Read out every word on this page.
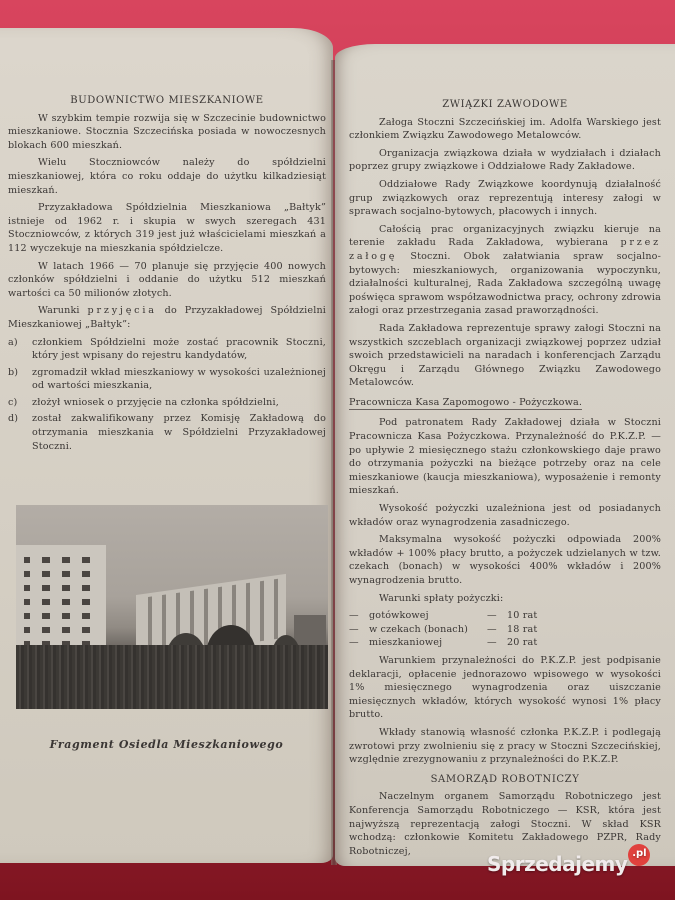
BUDOWNICTWO MIESZKANIOWE

W szybkim tempie rozwija się w Szczecinie budownictwo mieszkaniowe. Stocznia Szczecińska posiada w nowoczesnych blokach 600 mieszkań.

Wielu Stoczniowców należy do spółdzielni mieszkaniowej, która co roku oddaje do użytku kilkadziesiąt mieszkań.

Przyzakładowa Spółdzielnia Mieszkaniowa „Bałtyk” istnieje od 1962 r. i skupia w swych szeregach 431 Stoczniowców, z których 319 jest już właścicielami mieszkań a 112 wyczekuje na mieszkania spółdzielcze.

W latach 1966 — 70 planuje się przyjęcie 400 nowych członków spółdzielni i oddanie do użytku 512 mieszkań wartości ca 50 milionów złotych.

Warunki przyjęcia do Przyzakładowej Spółdzielni Mieszkaniowej „Bałtyk”:

a)	członkiem Spółdzielni może zostać pracownik Stoczni, który jest wpisany do rejestru kandydatów,
b)	zgromadził wkład mieszkaniowy w wysokości uzależnionej od wartości mieszkania,
c)	złożył wniosek o przyjęcie na członka spółdzielni,
d)	został zakwalifikowany przez Komisję Zakładową do otrzymania mieszkania w Spółdzielni Przyzakładowej Stoczni.
Fragment Osiedla Mieszkaniowego
ZWIĄZKI ZAWODOWE

Załoga Stoczni Szczecińskiej im. Adolfa Warskiego jest członkiem Związku Zawodowego Metalowców.

Organizacja związkowa działa w wydziałach i działach poprzez grupy związkowe i Oddziałowe Rady Zakładowe.

Oddziałowe Rady Związkowe koordynują działalność grup związkowych oraz reprezentują interesy załogi w sprawach socjalno-bytowych, płacowych i innych.

Całością prac organizacyjnych związku kieruje na terenie zakładu Rada Zakładowa, wybierana przez załogę Stoczni. Obok załatwiania spraw socjalno-bytowych: mieszkaniowych, organizowania wypoczynku, działalności kulturalnej, Rada Zakładowa szczególną uwagę poświęca sprawom współzawodnictwa pracy, ochrony zdrowia załogi oraz przestrzegania zasad praworządności.

Rada Zakładowa reprezentuje sprawy załogi Stoczni na wszystkich szczeblach organizacji związkowej poprzez udział swoich przedstawicieli na naradach i konferencjach Zarządu Okręgu i Zarządu Głównego Związku Zawodowego Metalowców.

Pracownicza Kasa Zapomogowo - Pożyczkowa.

Pod patronatem Rady Zakładowej działa w Stoczni Pracownicza Kasa Pożyczkowa. Przynależność do P.K.Z.P. — po upływie 2 miesięcznego stażu członkowskiego daje prawo do otrzymania pożyczki na bieżące potrzeby oraz na cele mieszkaniowe (kaucja mieszkaniowa), wyposażenie i remonty mieszkań.

Wysokość pożyczki uzależniona jest od posiadanych wkładów oraz wynagrodzenia zasadniczego.

Maksymalna wysokość pożyczki odpowiada 200% wkładów + 100% płacy brutto, a pożyczek udzielanych w tzw. czekach (bonach) w wysokości 400% wkładów i 200% wynagrodzenia brutto.

Warunki spłaty pożyczki:

—	gotówkowej	—	10 rat
—	w czekach (bonach)	—	18 rat
—	mieszkaniowej	—	20 rat

Warunkiem przynależności do P.K.Z.P. jest podpisanie deklaracji, opłacenie jednorazowo wpisowego w wysokości 1% miesięcznego wynagrodzenia oraz uiszczanie miesięcznych wkładów, których wysokość wynosi 1% płacy brutto.

Wkłady stanowią własność członka P.K.Z.P. i podlegają zwrotowi przy zwolnieniu się z pracy w Stoczni Szczecińskiej, względnie zrezygnowaniu z przynależności do P.K.Z.P.

SAMORZĄD ROBOTNICZY

Naczelnym organem Samorządu Robotniczego jest Konferencja Samorządu Robotniczego — KSR, która jest najwyższą reprezentacją załogi Stoczni. W skład KSR wchodzą: członkowie Komitetu Zakładowego PZPR, Rady Robotniczej,

Sprzedajemy .pl
